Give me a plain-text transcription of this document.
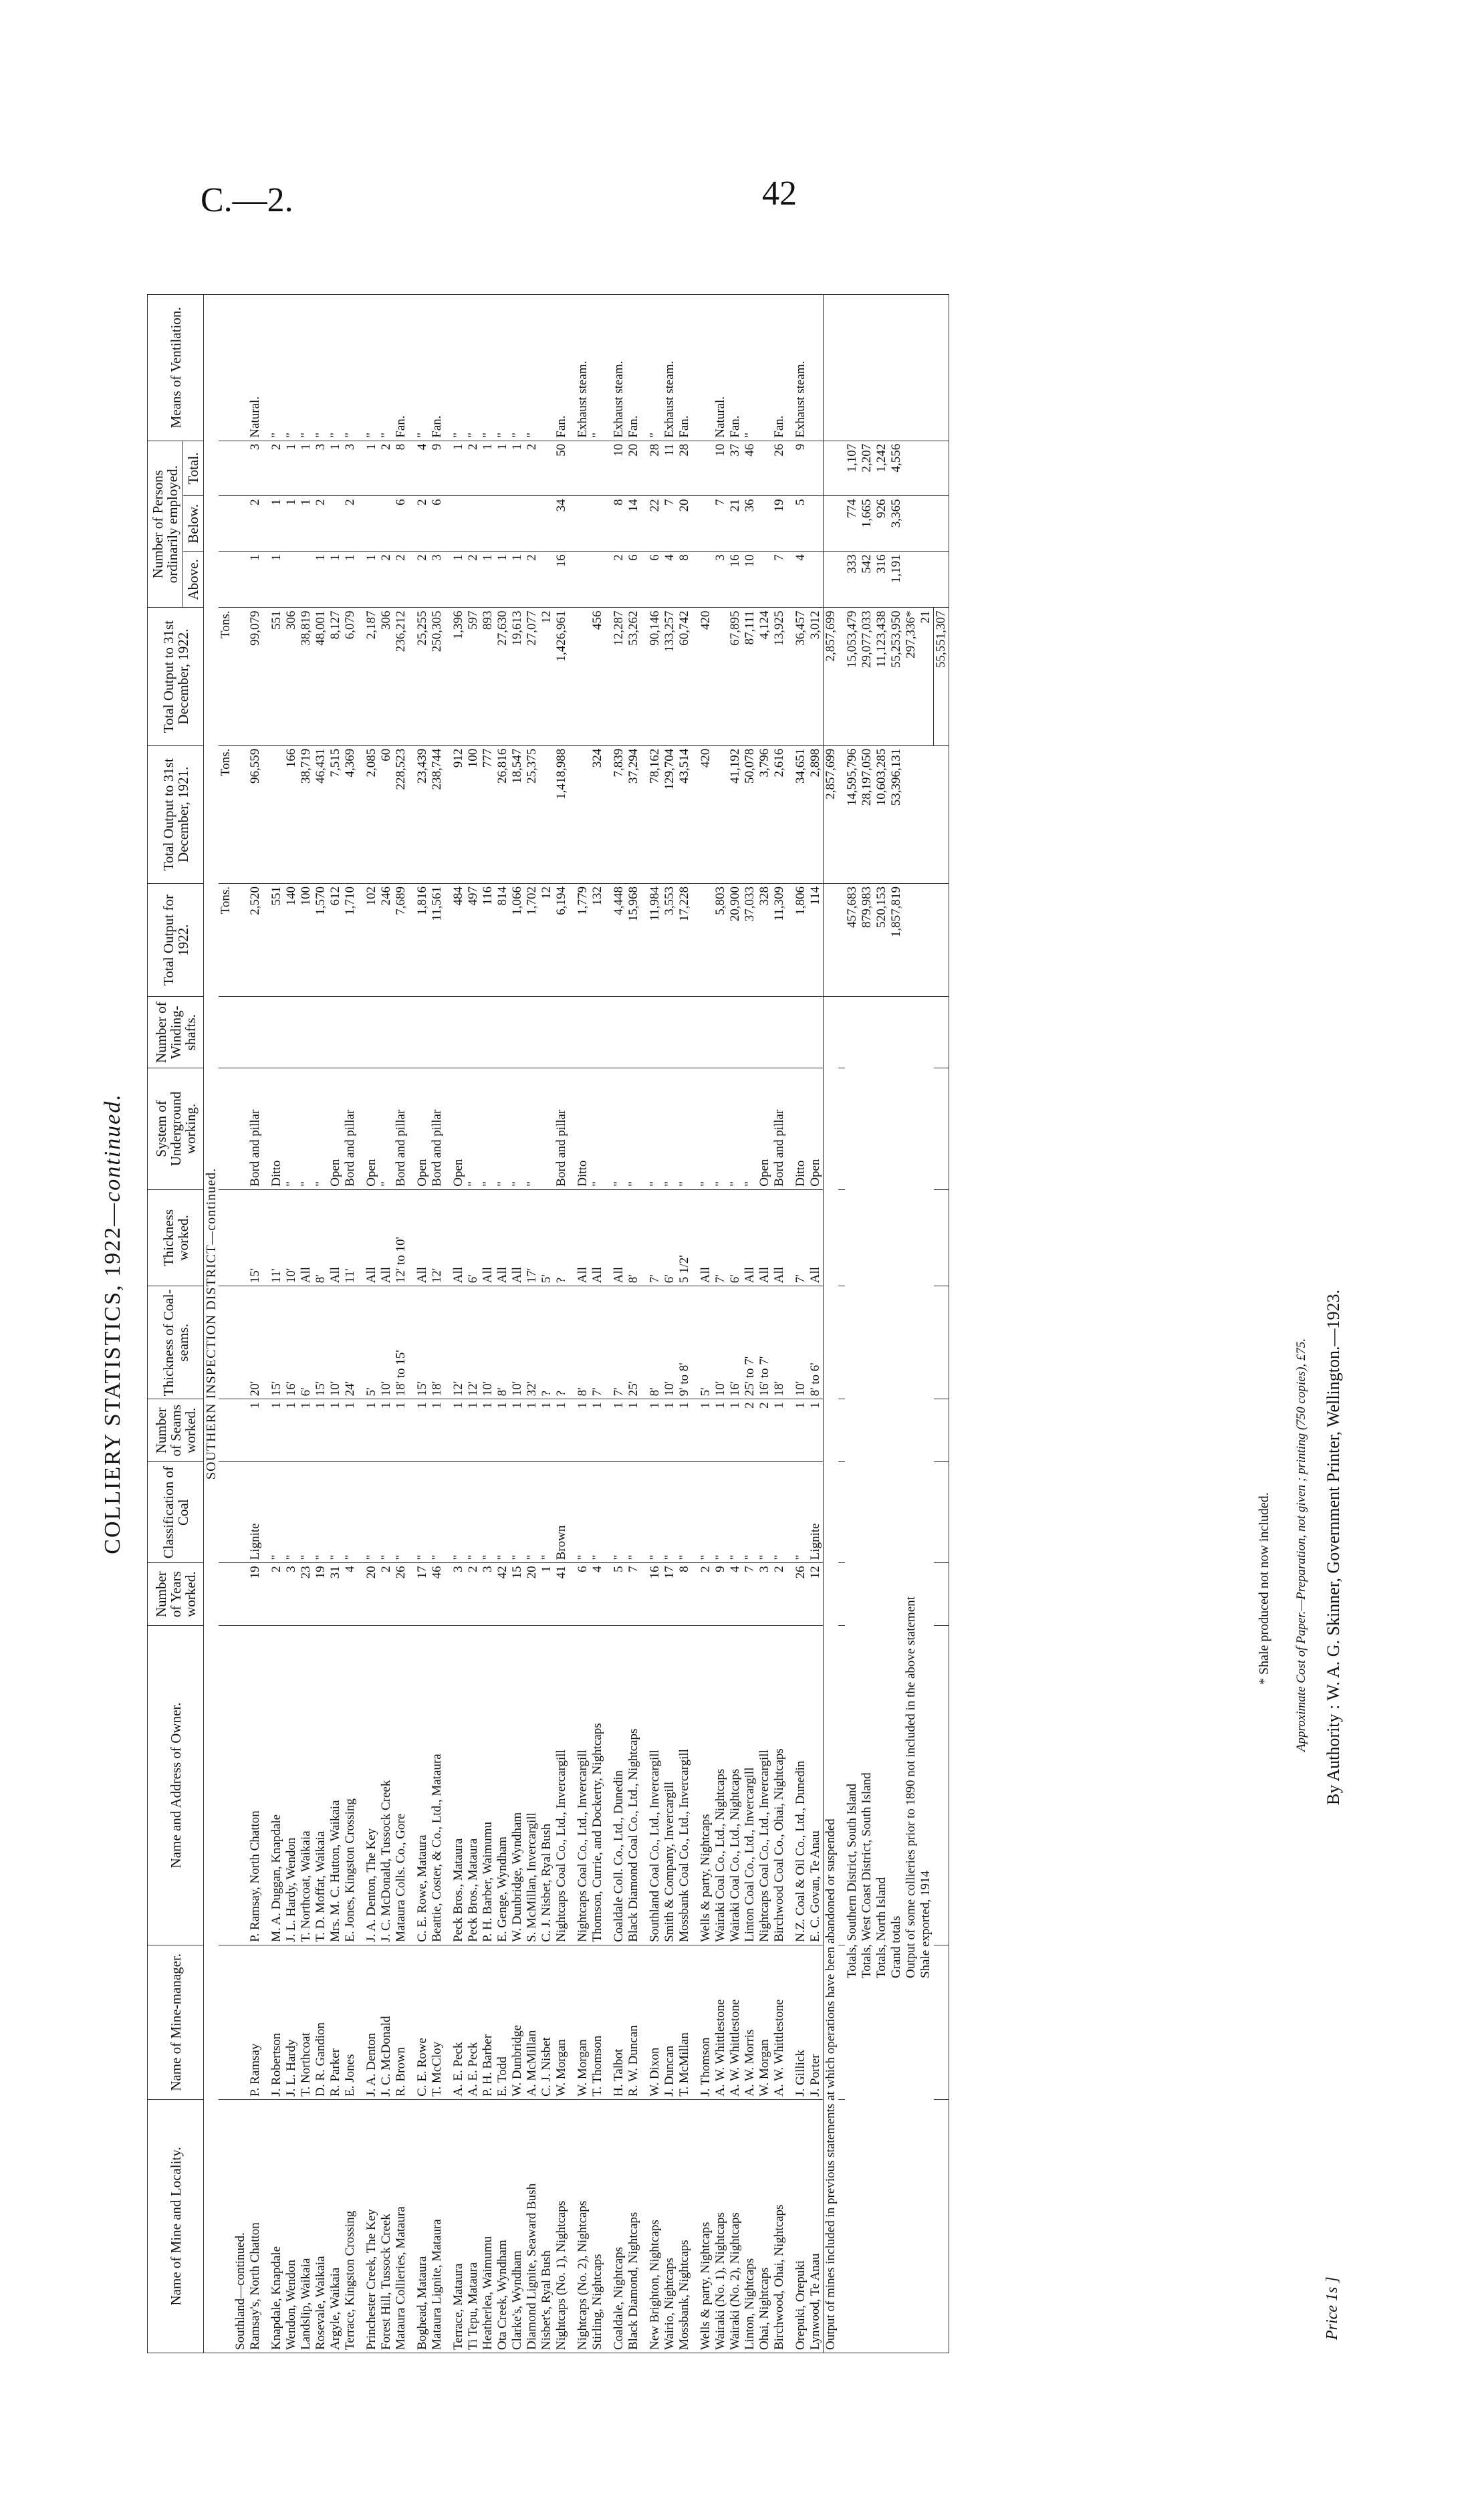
C.—2.	42
COLLIERY STATISTICS, 1922—continued.
Name of Mine and Locality.	Name of Mine-manager.	Name and Address of Owner.	Number of Years worked.	Classification of Coal	Number of Seams worked.	Thickness of Coal-seams.	Thickness worked.	System of Underground working.	Number of Winding-shafts.	Total Output for 1922.	Total Output to 31st December, 1921.	Total Output to 31st December, 1922.	Number of Persons ordinarily employed.			Means of Ventilation.
													Above.	Below.	Total.	
SOUTHERN INSPECTION DISTRICT—continued.																
										Tons.	Tons.	Tons.				
Southland—continued.																
Ramsay's, North Chatton	P. Ramsay	P. Ramsay, North Chatton	19	Lignite	1	20'	15'	Bord and pillar		2,520	96,559	99,079	1	2	3	Natural.

Knapdale, Knapdale	J. Robertson	M. A. Duggan, Knapdale	2	"	1	15'	11'	Ditto		551		551	1	1	2	"
Wendon, Wendon	J. L. Hardy	J. L. Hardy, Wendon	3	"	1	16'	10'	"		140	166	306		1	1	"
Landslip, Waikaia	T. Northcoat	T. Northcoat, Waikaia	23	"	1	6'	All	"		100	38,719	38,819		1	1	"
Rosevale, Waikaia	D. R. Gandion	T. D. Moffat, Waikaia	19	"	1	15'	8'	"		1,570	46,431	48,001	1	2	3	"
Argyle, Waikaia	R. Parker	Mrs. M. C. Hutton, Waikaia	31	"	1	10'	All	Open		612	7,515	8,127	1		1	"
Terrace, Kingston Crossing	E. Jones	E. Jones, Kingston Crossing	4	"	1	24'	11'	Bord and pillar		1,710	4,369	6,079	1	2	3	"

Princhester Creek, The Key	J. A. Denton	J. A. Denton, The Key	20	"	1	5'	All	Open		102	2,085	2,187	1		1	"
Forest Hill, Tussock Creek	J. C. McDonald	J. C. McDonald, Tussock Creek	2	"	1	10'	All	"		246	60	306	2		2	"
Mataura Collieries, Mataura	R. Brown	Mataura Colls. Co., Gore	26	"	1	18' to 15'	12' to 10'	Bord and pillar		7,689	228,523	236,212	2	6	8	Fan.

Boghead, Mataura	C. E. Rowe	C. E. Rowe, Mataura	17	"	1	15'	All	Open		1,816	23,439	25,255	2	2	4	"
Mataura Lignite, Mataura	T. McCloy	Beattie, Coster, & Co., Ltd., Mataura	46	"	1	18'	12'	Bord and pillar		11,561	238,744	250,305	3	6	9	Fan.

Terrace, Mataura	A. E. Peck	Peck Bros., Mataura	3	"	1	12'	All	Open		484	912	1,396	1		1	"
Ti Tepu, Mataura	A. E. Peck	Peck Bros., Mataura	2	"	1	12'	6'	"		497	100	597	2		2	"
Heatherlea, Waimumu	P. H. Barber	P. H. Barber, Waimumu	3	"	1	10'	All	"		116	777	893	1		1	"
Ota Creek, Wyndham	E. Todd	E. Genge, Wyndham	42	"	1	8'	All	"		814	26,816	27,630	1		1	"
Clarke's, Wyndham	W. Dunbridge	W. Dunbridge, Wyndham	15	"	1	10'	All	"		1,066	18,547	19,613	1		1	"
Diamond Lignite, Seaward Bush	A. McMillan	S. McMillan, Invercargill	20	"	1	32'	17'	"		1,702	25,375	27,077	2		2	"
Nisbet's, Ryal Bush	C. J. Nisbet	C. J. Nisbet, Ryal Bush	1	"	1	?	5'			12		12				
Nightcaps (No. 1), Nightcaps	W. Morgan	Nightcaps Coal Co., Ltd., Invercargill	41	Brown	1	?	?	Bord and pillar		6,194	1,418,988	1,426,961	16	34	50	Fan.

Nightcaps (No. 2), Nightcaps	W. Morgan	Nightcaps Coal Co., Ltd., Invercargill	6	"	1	8'	All	Ditto		1,779						Exhaust steam.
Stirling, Nightcaps	T. Thomson	Thomson, Currie, and Dockerty, Nightcaps	4	"	1	7'	All	"		132	324	456				"

Coaldale, Nightcaps	H. Talbot	Coaldale Coll. Co., Ltd., Dunedin	5	"	1	7'	All	"		4,448	7,839	12,287	2	8	10	Exhaust steam.
Black Diamond, Nightcaps	R. W. Duncan	Black Diamond Coal Co., Ltd., Nightcaps	7	"	1	25'	8'	"		15,968	37,294	53,262	6	14	20	Fan.

New Brighton, Nightcaps	W. Dixon	Southland Coal Co., Ltd., Invercargill	16	"	1	8'	7'	"		11,984	78,162	90,146	6	22	28	"
Wairio, Nightcaps	J. Duncan	Smith & Company, Invercargill	17	"	1	10'	6'	"		3,553	129,704	133,257	4	7	11	Exhaust steam.
Mossbank, Nightcaps	T. McMillan	Mossbank Coal Co., Ltd., Invercargill	8	"	1	9' to 8'	5 1/2'	"		17,228	43,514	60,742	8	20	28	Fan.

Wells & party, Nightcaps	J. Thomson	Wells & party, Nightcaps	2	"	1	5'	All	"			420	420				
Wairaki (No. 1), Nightcaps	A. W. Whittlestone	Wairaki Coal Co., Ltd., Nightcaps	9	"	1	10'	7'	"		5,803			3	7	10	Natural.
Wairaki (No. 2), Nightcaps	A. W. Whittlestone	Wairaki Coal Co., Ltd., Nightcaps	4	"	1	16'	6'	"		20,900	41,192	67,895	16	21	37	Fan.
Linton, Nightcaps	A. W. Morris	Linton Coal Co., Ltd., Invercargill	7	"	2	25' to 7'	All	"		37,033	50,078	87,111	10	36	46	"
Ohai, Nightcaps	W. Morgan	Nightcaps Coal Co., Ltd., Invercargill	3	"	2	16' to 7'	All	Open		328	3,796	4,124				
Birchwood, Ohai, Nightcaps	A. W. Whittlestone	Birchwood Coal Co., Ohai, Nightcaps	2	"	1	18'	All	Bord and pillar		11,309	2,616	13,925	7	19	26	Fan.

Orepuki, Orepuki	J. Gillick	N.Z. Coal & Oil Co., Ltd., Dunedin	26	"	1	10'	7'	Ditto		1,806	34,651	36,457	4	5	9	Exhaust steam.
Lynwood, Te Anau	J. Porter	E. C. Govan, Te Anau	12	Lignite	1	8' to 6'	All	Open		114	2,898	3,012				
Output of mines included in previous statements at which operations have been abandoned or suspended											2,857,699	2,857,699				

Totals, Southern District, South Island										457,683	14,595,796	15,053,479	333	774	1,107	
Totals, West Coast District, South Island										879,983	28,197,050	29,077,033	542	1,665	2,207	
Totals, North Island										520,153	10,603,285	11,123,438	316	926	1,242	
Grand totals										1,857,819	53,396,131	55,253,950	1,191	3,365	4,556	
Output of some collieries prior to 1890 not included in the above statement												297,336*				
Shale exported, 1914												21				
												55,551,307				
* Shale produced not now included. Approximate Cost of Paper.—Preparation, not given ; printing (750 copies), £75. By Authority : W. A. G. Skinner, Government Printer, Wellington.—1923.
Price 1s ]
